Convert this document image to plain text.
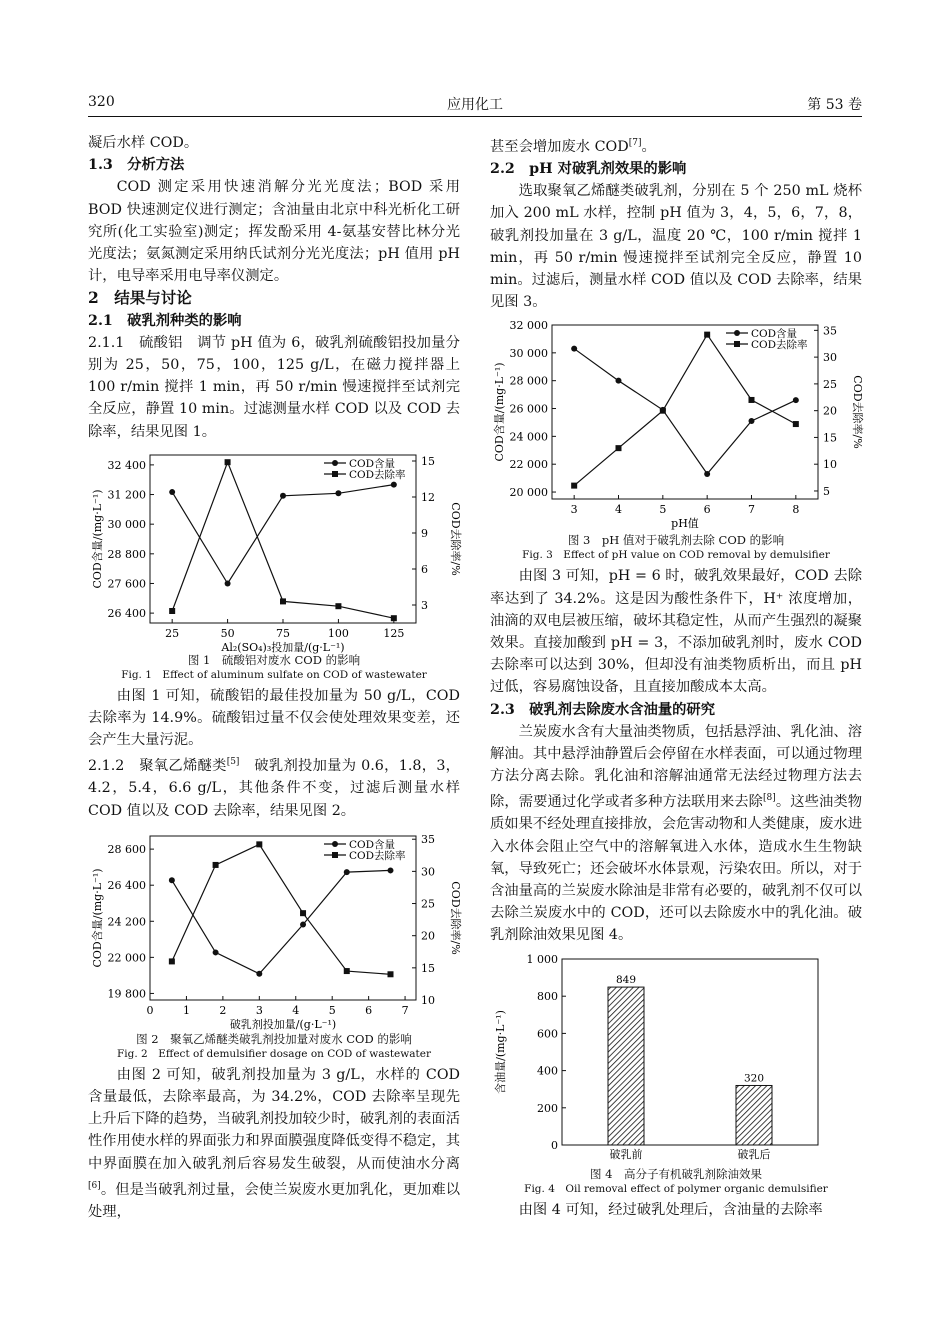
320	应用化工	第 53 卷

凝后水样 COD。

1.3　分析方法

COD 测定采用快速消解分光光度法；BOD 采用 BOD 快速测定仪进行测定；含油量由北京中科光析化工研究所(化工实验室)测定；挥发酚采用 4-氨基安替比林分光光度法；氨氮测定采用纳氏试剂分光光度法；pH 值用 pH 计，电导率采用电导率仪测定。

2　结果与讨论

2.1　破乳剂种类的影响

2.1.1　硫酸铝　调节 pH 值为 6，破乳剂硫酸铝投加量分别为 25，50，75，100，125 g/L，在磁力搅拌器上 100 r/min 搅拌 1 min，再 50 r/min 慢速搅拌至试剂完全反应，静置 10 min。过滤测量水样 COD 以及 COD 去除率，结果见图 1。

25	50	75	100	125
26 400
27 600
28 800
30 000
31 200
32 400
3
6
9
12
15
Al₂(SO₄)₃投加量/(g·L⁻¹)
COD含量/(mg·L⁻¹)	COD去除率/%
COD含量
COD去除率
图 1　硫酸铝对废水 COD 的影响
Fig. 1　Effect of aluminum sulfate on COD of wastewater

由图 1 可知，硫酸铝的最佳投加量为 50 g/L，COD 去除率为 14.9%。硫酸铝过量不仅会使处理效果变差，还会产生大量污泥。

2.1.2　聚氧乙烯醚类[5]　破乳剂投加量为 0.6，1.8，3，4.2，5.4，6.6 g/L，其他条件不变，过滤后测量水样 COD 值以及 COD 去除率，结果见图 2。

0	1	2	3	4	5	6	7
19 800
22 000
24 200
26 400
28 600
10
15
20
25
30
35
破乳剂投加量/(g·L⁻¹)
COD含量/(mg·L⁻¹)	COD去除率/%
COD含量
COD去除率
图 2　聚氧乙烯醚类破乳剂投加量对废水 COD 的影响
Fig. 2　Effect of demulsifier dosage on COD of wastewater

由图 2 可知，破乳剂投加量为 3 g/L，水样的 COD 含量最低，去除率最高，为 34.2%，COD 去除率呈现先上升后下降的趋势，当破乳剂投加较少时，破乳剂的表面活性作用使水样的界面张力和界面膜强度降低变得不稳定，其中界面膜在加入破乳剂后容易发生破裂，从而使油水分离[6]。但是当破乳剂过量，会使兰炭废水更加乳化，更加难以处理，

甚至会增加废水 COD[7]。

2.2　pH 对破乳剂效果的影响

选取聚氧乙烯醚类破乳剂，分别在 5 个 250 mL 烧杯加入 200 mL 水样，控制 pH 值为 3，4，5，6，7，8，破乳剂投加量在 3 g/L，温度 20 ℃，100 r/min 搅拌 1 min，再 50 r/min 慢速搅拌至试剂完全反应，静置 10 min。过滤后，测量水样 COD 值以及 COD 去除率，结果见图 3。

3	4	5	6	7	8
20 000
22 000
24 000
26 000
28 000
30 000
32 000
5
10
15
20
25
30
35
pH值
COD含量/(mg·L⁻¹)	COD去除率/%
COD含量
COD去除率
图 3　pH 值对于破乳剂去除 COD 的影响
Fig. 3　Effect of pH value on COD removal by demulsifier

由图 3 可知，pH = 6 时，破乳效果最好，COD 去除率达到了 34.2%。这是因为酸性条件下，H⁺ 浓度增加，油滴的双电层被压缩，破坏其稳定性，从而产生强烈的凝聚效果。直接加酸到 pH = 3，不添加破乳剂时，废水 COD 去除率可以达到 30%，但却没有油类物质析出，而且 pH 过低，容易腐蚀设备，且直接加酸成本太高。

2.3　破乳剂去除废水含油量的研究

兰炭废水含有大量油类物质，包括悬浮油、乳化油、溶解油。其中悬浮油静置后会停留在水样表面，可以通过物理方法分离去除。乳化油和溶解油通常无法经过物理方法去除，需要通过化学或者多种方法联用来去除[8]。这些油类物质如果不经处理直接排放，会危害动物和人类健康，废水进入水体会阻止空气中的溶解氧进入水体，造成水生生物缺氧，导致死亡；还会破坏水体景观，污染农田。所以，对于含油量高的兰炭废水除油是非常有必要的，破乳剂不仅可以去除兰炭废水中的 COD，还可以去除废水中的乳化油。破乳剂除油效果见图 4。

0
200
400
600
800
1 000
含油量/(mg·L⁻¹)
849
破乳前
320
破乳后
图 4　高分子有机破乳剂除油效果
Fig. 4　Oil removal effect of polymer organic demulsifier

由图 4 可知，经过破乳处理后，含油量的去除率
